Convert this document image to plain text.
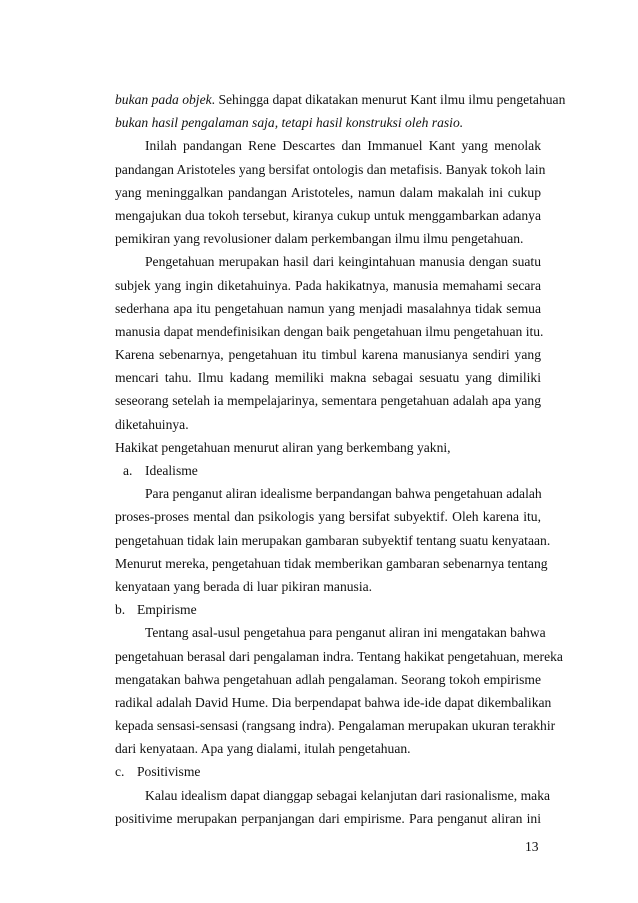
bukan pada objek. Sehingga dapat dikatakan menurut Kant ilmu ilmu pengetahuan
bukan hasil pengalaman saja, tetapi hasil konstruksi oleh rasio.
Inilah pandangan Rene Descartes dan Immanuel Kant yang menolak
pandangan Aristoteles yang bersifat ontologis dan metafisis. Banyak tokoh lain
yang meninggalkan pandangan Aristoteles, namun dalam makalah ini cukup
mengajukan dua tokoh tersebut, kiranya cukup untuk menggambarkan adanya
pemikiran yang revolusioner dalam perkembangan ilmu ilmu pengetahuan.
Pengetahuan merupakan hasil dari keingintahuan manusia dengan suatu
subjek yang ingin diketahuinya. Pada hakikatnya, manusia memahami secara
sederhana apa itu pengetahuan namun yang menjadi masalahnya tidak semua
manusia dapat mendefinisikan dengan baik pengetahuan ilmu pengetahuan itu.
Karena sebenarnya, pengetahuan itu timbul karena manusianya sendiri yang
mencari tahu. Ilmu kadang memiliki makna sebagai sesuatu yang dimiliki
seseorang setelah ia mempelajarinya, sementara pengetahuan adalah apa yang
diketahuinya.
Hakikat pengetahuan menurut aliran yang berkembang yakni,
a. Idealisme
Para penganut aliran idealisme berpandangan bahwa pengetahuan adalah
proses-proses mental dan psikologis yang bersifat subyektif. Oleh karena itu,
pengetahuan tidak lain merupakan gambaran subyektif tentang suatu kenyataan.
Menurut mereka, pengetahuan tidak memberikan gambaran sebenarnya tentang
kenyataan yang berada di luar pikiran manusia.
b. Empirisme
Tentang asal-usul pengetahua para penganut aliran ini mengatakan bahwa
pengetahuan berasal dari pengalaman indra. Tentang hakikat pengetahuan, mereka
mengatakan bahwa pengetahuan adlah pengalaman. Seorang tokoh empirisme
radikal adalah David Hume. Dia berpendapat bahwa ide-ide dapat dikembalikan
kepada sensasi-sensasi (rangsang indra). Pengalaman merupakan ukuran terakhir
dari kenyataan. Apa yang dialami, itulah pengetahuan.
c. Positivisme
Kalau idealism dapat dianggap sebagai kelanjutan dari rasionalisme, maka
positivime merupakan perpanjangan dari empirisme. Para penganut aliran ini
13
